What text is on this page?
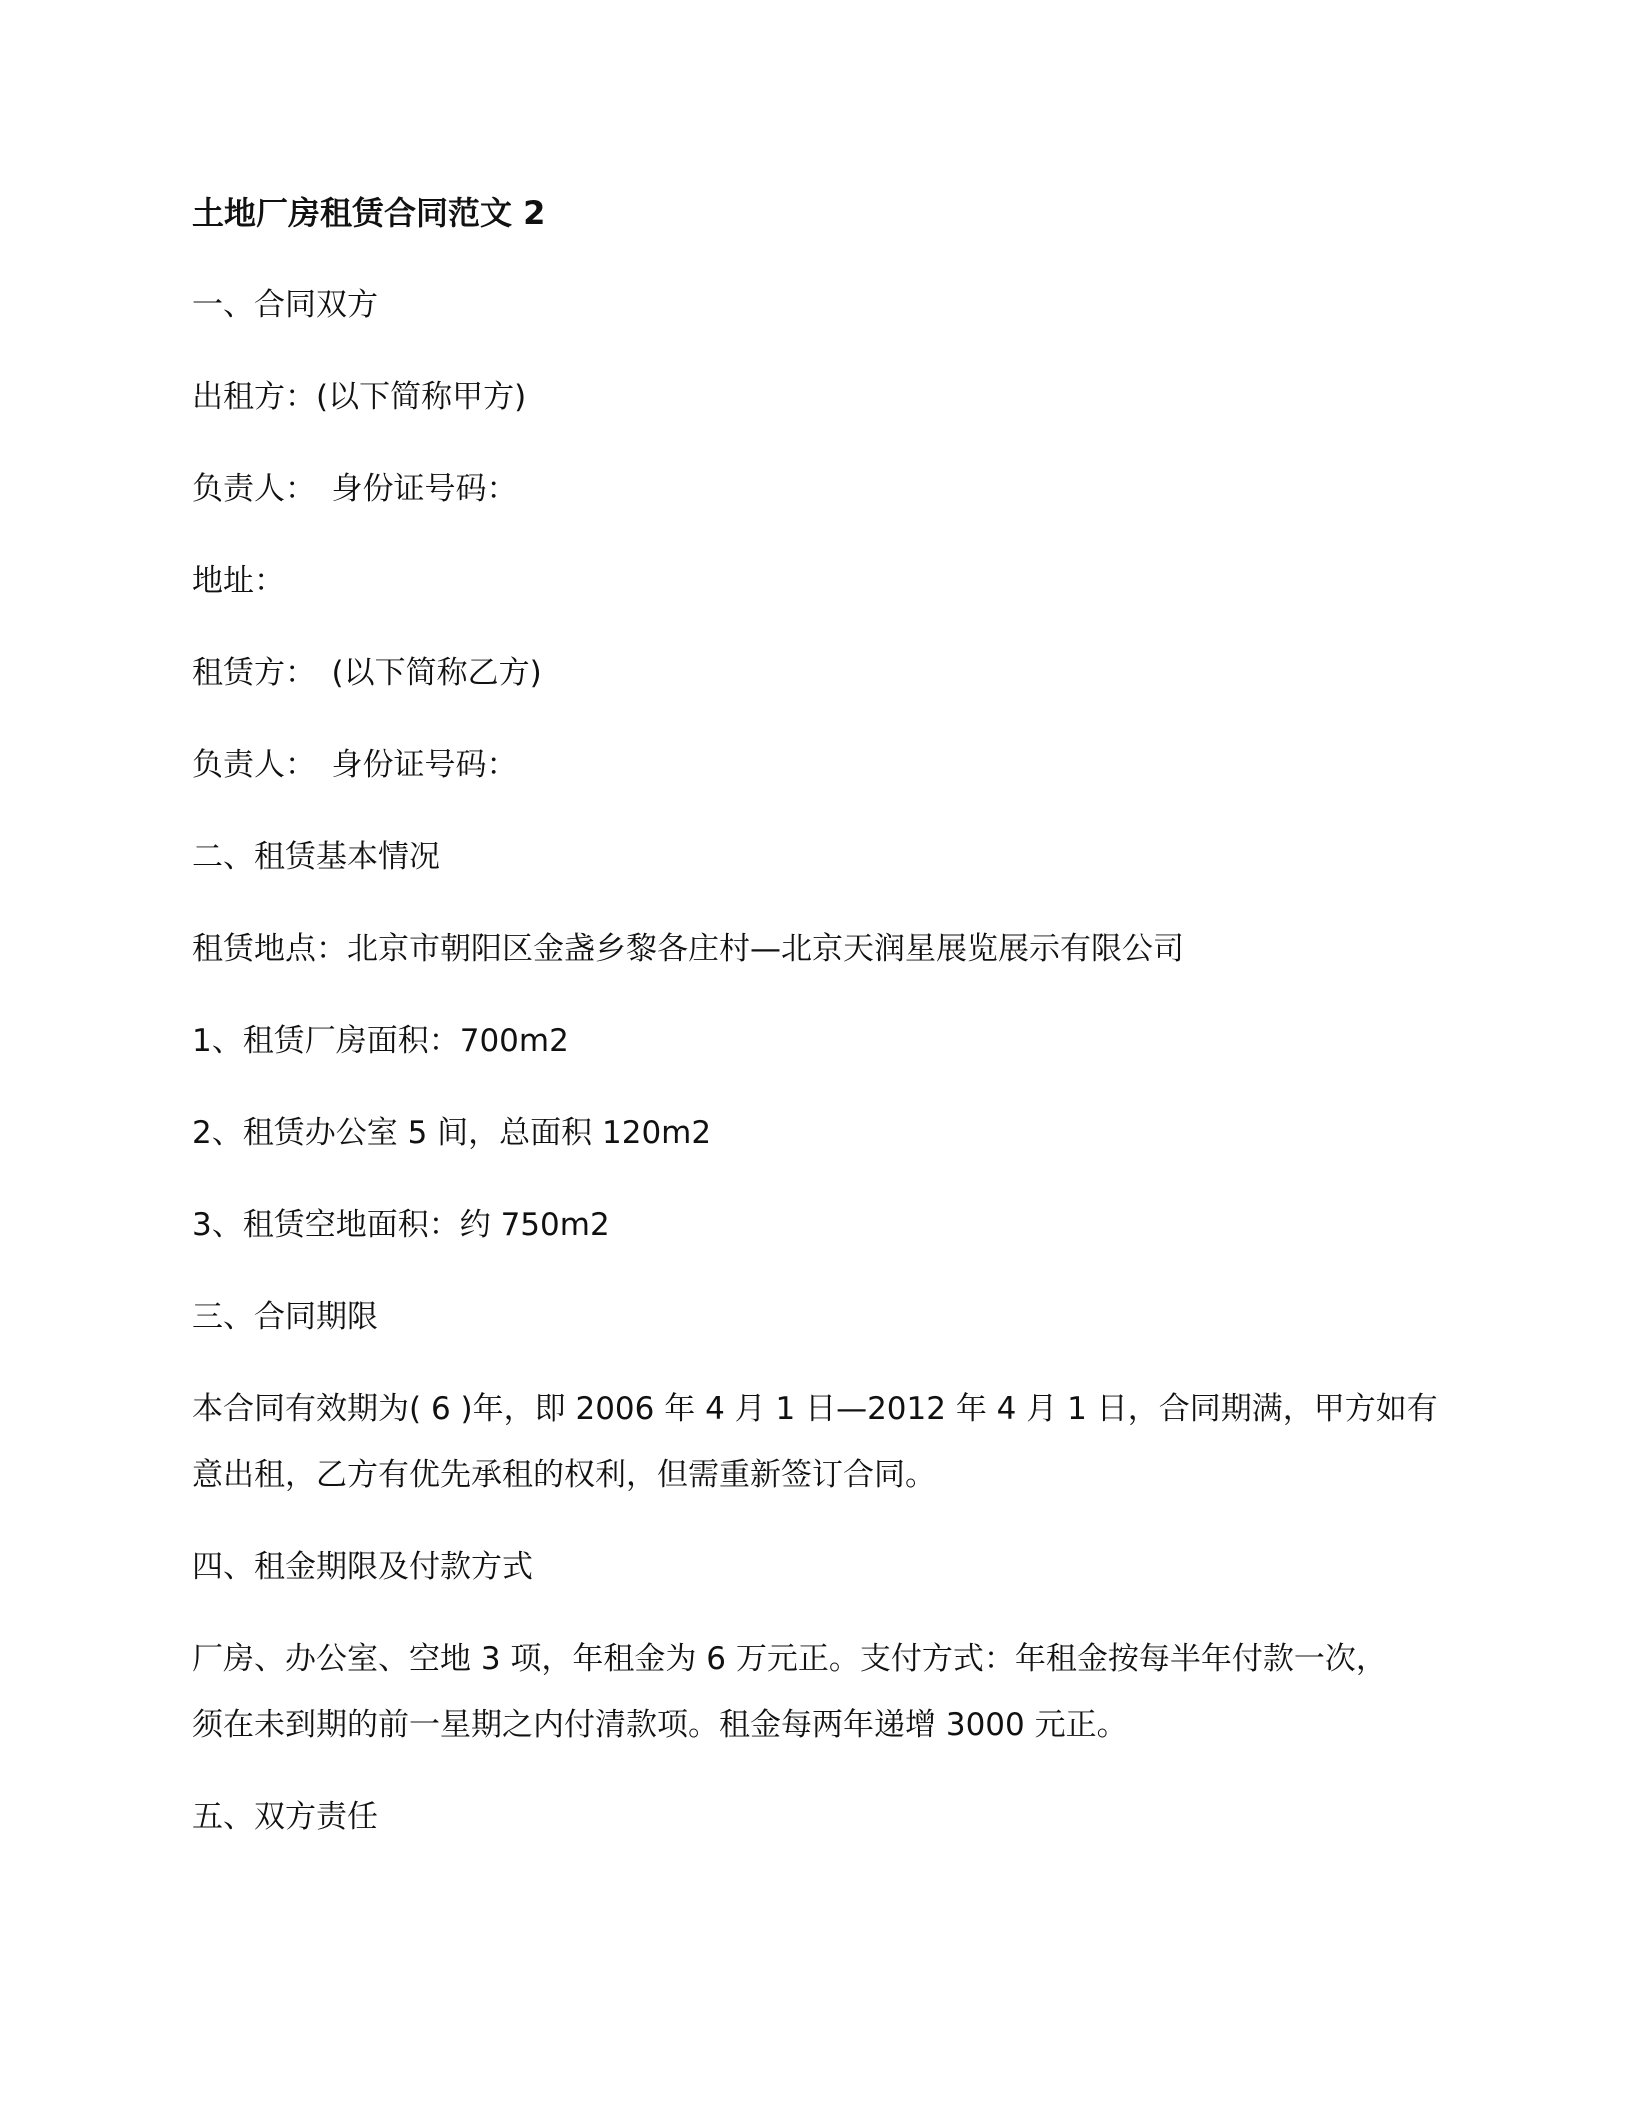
土地厂房租赁合同范文 2

一、合同双方

出租方：(以下简称甲方)

负责人：　身份证号码：

地址：

租赁方：　(以下简称乙方)

负责人：　身份证号码：

二、租赁基本情况

租赁地点：北京市朝阳区金盏乡黎各庄村—北京天润星展览展示有限公司

1、租赁厂房面积：700m2

2、租赁办公室 5 间，总面积 120m2

3、租赁空地面积：约 750m2

三、合同期限

本合同有效期为( 6 )年，即 2006 年 4 月 1 日—2012 年 4 月 1 日，合同期满，甲方如有

意出租，乙方有优先承租的权利，但需重新签订合同。

四、租金期限及付款方式

厂房、办公室、空地 3 项，年租金为 6 万元正。支付方式：年租金按每半年付款一次，

须在未到期的前一星期之内付清款项。租金每两年递增 3000 元正。

五、双方责任
